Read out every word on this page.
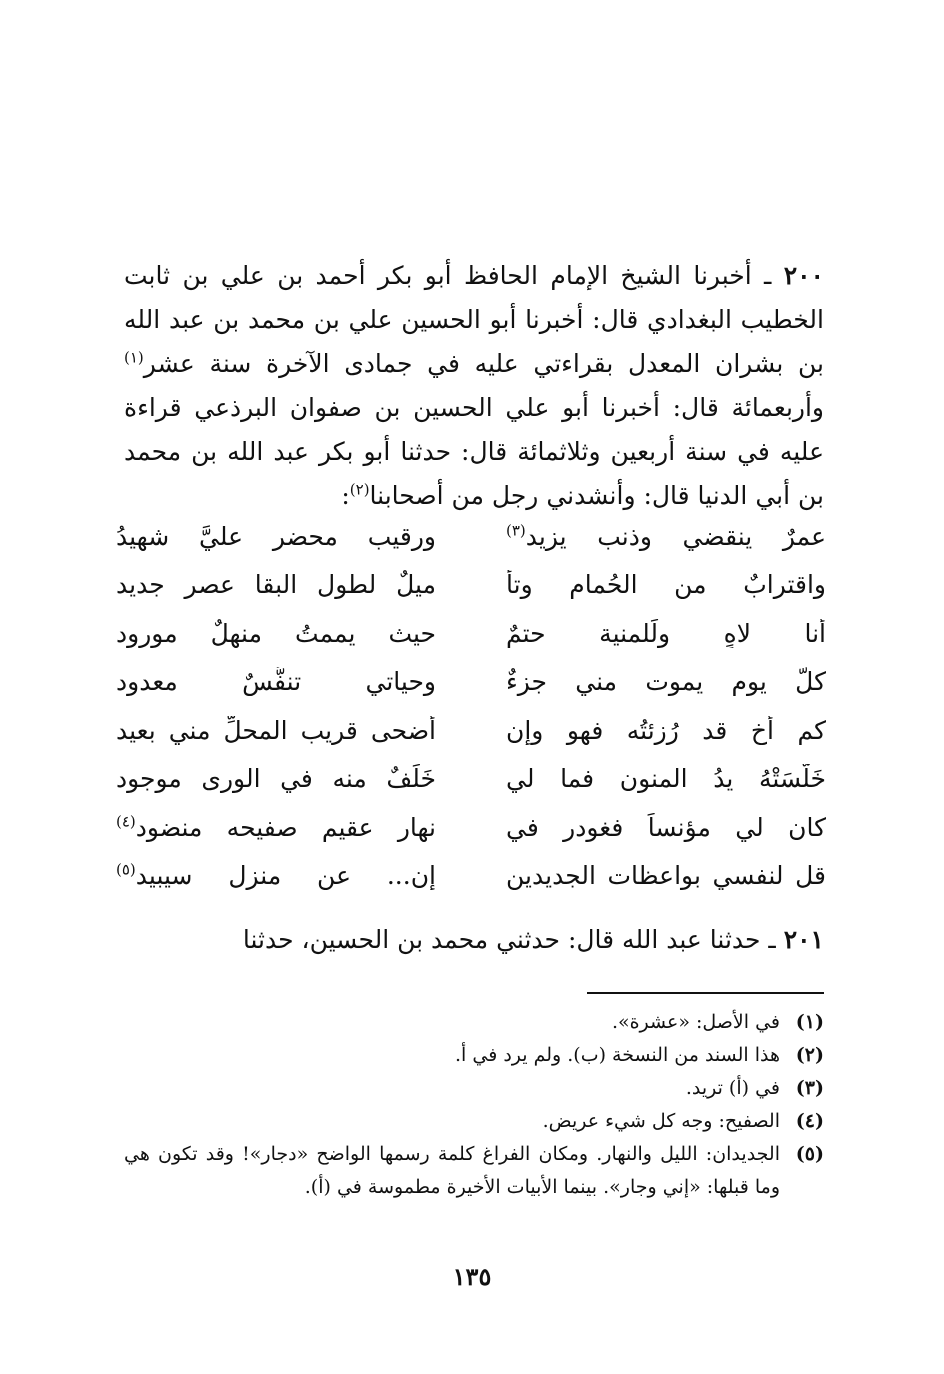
٢٠٠ ـ أخبرنا الشيخ الإمام الحافظ أبو بكر أحمد بن علي بن ثابت الخطيب البغدادي قال: أخبرنا أبو الحسين علي بن محمد بن عبد الله بن بشران المعدل بقراءتي عليه في جمادى الآخرة سنة عشر$^{(١)}$ وأربعمائة قال: أخبرنا أبو علي الحسين بن صفوان البرذعي قراءة عليه في سنة أربعين وثلاثمائة قال: حدثنا أبو بكر عبد الله بن محمد بن أبي الدنيا قال: وأنشدني رجل من أصحابنا$^{(٢)}$:

عمرٌ ينقضي وذنب يزيد$^{(٣)}$
ورقيب محضر عليَّ شهيدُ
واقترابٌ من الحُمام وتأ
ميلٌ لطول البقا عصر جديد
أنا لاهٍ ولَلمنية حتمٌ
حيث يممتُ منهلٌ مورود
كلَّ يومٍ يموت مني جزءٌ
وحياتي تنفُّسٌ معدود
كم أخ قد رُزئتُه فهو وإن
أضحى قريب المحلِّ مني بعيد
خَلَّسَتْهُ يدُ المنون فما لي
خَلَفٌ منه في الورى موجود
كان لي مؤنساً فغودر في
نهارٍ عقيم صفيحه منضود$^{(٤)}$
قل لنفسي بواعظات الجديدين
إن... عن منزل سيبيد$^{(٥)}$

٢٠١ ـ حدثنا عبد الله قال: حدثني محمد بن الحسين، حدثنا

(١)
في الأصل: «عشرة».
(٢)
هذا السند من النسخة (ب). ولم يرد في أ.
(٣)
في (أ) تريد.
(٤)
الصفيح: وجه كل شيء عريض.
(٥)
الجديدان: الليل والنهار. ومكان الفراغ كلمة رسمها الواضح «دجار»! وقد تكون هي وما قبلها: «إني وجار». بينما الأبيات الأخيرة مطموسة في (أ).
١٣٥
